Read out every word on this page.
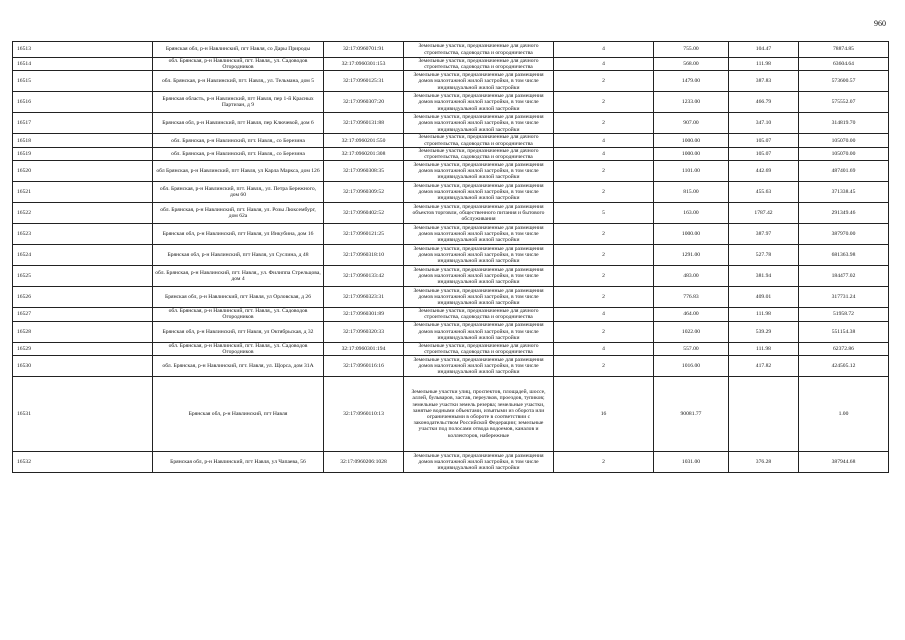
960
16513	Брянская обл, р-н Навлинский, пгт Навля, со Дары Природы	32:17:0960701:91	Земельные участки, предназначенные для дачного строительства, садоводства и огородничества	4	755.00	104.47	78874.85
16514	обл. Брянская, р-н Навлинский, пгт. Навля,, ул. Садоводов Огородников	32:17:0960301:153	Земельные участки, предназначенные для дачного строительства, садоводства и огородничества	4	568.00	111.98	63604.64
16515	обл. Брянская, р-н Навлинский, пгт. Навля,, ул. Тельмана, дом 5	32:17:0960125:31	Земельные участки, предназначенные для размещения домов малоэтажной жилой застройки, в том числе индивидуальной жилой застройки	2	1479.00	387.83	573600.57
16516	Брянская область, р-н Навлинский, пгт Навля, пер 1-й Красных Партизан, д 9	32:17:0960307:20	Земельные участки, предназначенные для размещения домов малоэтажной жилой застройки, в том числе индивидуальной жилой застройки	2	1233.00	466.79	575552.07
16517	Брянская обл, р-н Навлинский, пгт Навля, пер Ключевой, дом 6	32:17:0960131:88	Земельные участки, предназначенные для размещения домов малоэтажной жилой застройки, в том числе индивидуальной жилой застройки	2	907.00	347.10	314819.70
16518	обл. Брянская, р-н Навлинский, пгт. Навля,, со Березина	32:17:0960201:550	Земельные участки, предназначенные для дачного строительства, садоводства и огородничества	4	1000.00	105.07	105070.00
16519	обл. Брянская, р-н Навлинский, пгт. Навля,, со Березина	32:17:0960201:308	Земельные участки, предназначенные для дачного строительства, садоводства и огородничества	4	1000.00	105.07	105070.00
16520	обл Брянская, р-н Навлинский, пгт Навля, ул Карла Маркса, дом 126	32:17:0960308:35	Земельные участки, предназначенные для размещения домов малоэтажной жилой застройки, в том числе индивидуальной жилой застройки	2	1101.00	442.69	487401.69
16521	обл. Брянская, р-н Навлинский, пгт. Навля,, ул. Петра Бережного, дом 60	32:17:0960309:52	Земельные участки, предназначенные для размещения домов малоэтажной жилой застройки, в том числе индивидуальной жилой застройки	2	815.00	455.63	371338.45
16522	обл. Брянская, р-н Навлинский, пгт. Навля, ул. Розы Люксембург, дом 62а	32:17:0960402:52	Земельные участки, предназначенные для размещения объектов торговли, общественного питания и бытового обслуживания	5	163.00	1787.42	291349.46
16523	Брянская обл, р-н Навлинский, пгт Навля, ул Инкубина, дом 16	32:17:0960121:25	Земельные участки, предназначенные для размещения домов малоэтажной жилой застройки, в том числе индивидуальной жилой застройки	2	1000.00	387.97	387970.00
16524	Брянская обл, р-н Навлинский, пгт Навля, ул Суслина, д 48	32:17:0960318:10	Земельные участки, предназначенные для размещения домов малоэтажной жилой застройки, в том числе индивидуальной жилой застройки	2	1291.00	527.78	681363.98
16525	обл. Брянская, р-н Навлинский, пгт. Навля,, ул. Филиппа Стрельцова, дом 4	32:17:0960133:42	Земельные участки, предназначенные для размещения домов малоэтажной жилой застройки, в том числе индивидуальной жилой застройки	2	483.00	381.94	184477.02
16526	Брянская обл, р-н Навлинский, пгт Навля, ул Орловская, д 26	32:17:0960323:31	Земельные участки, предназначенные для размещения домов малоэтажной жилой застройки, в том числе индивидуальной жилой застройки	2	776.83	409.01	317731.24
16527	обл. Брянская, р-н Навлинский, пгт. Навля,, ул. Садоводов Огородников	32:17:0960301:89	Земельные участки, предназначенные для дачного строительства, садоводства и огородничества	4	464.00	111.98	51958.72
16528	Брянская обл, р-н Навлинский, пгт Навля, ул Октябрьская, д 32	32:17:0960320:33	Земельные участки, предназначенные для размещения домов малоэтажной жилой застройки, в том числе индивидуальной жилой застройки	2	1022.00	539.29	551154.38
16529	обл. Брянская, р-н Навлинский, пгт. Навля,, ул. Садоводов Огородников	32:17:0960301:194	Земельные участки, предназначенные для дачного строительства, садоводства и огородничества	4	557.00	111.98	62372.86
16530	обл. Брянская, р-н Навлинский, пгт. Навля, ул. Щорса, дом 31А	32:17:0960116:16	Земельные участки, предназначенные для размещения домов малоэтажной жилой застройки, в том числе индивидуальной жилой застройки	2	1016.00	417.82	424505.12
16531	Брянская обл, р-н Навлинский, пгт Навля	32:17:0960110:13	Земельные участки улиц, проспектов, площадей, шоссе, аллей, бульваров, застав, переулков, проездов, тупиков; земельные участки земель резерва; земельные участки, занятые водными объектами, изъятыми из оборота или ограниченными в обороте в соответствии с законодательством Российской Федерации; земельные участки под полосами отвода водоемов, каналов и коллекторов, набережные	16	90081.77		1.00
16532	Брянская обл, р-н Навлинский, пгт Навля, ул Чапаева, 56	32:17:0960206:1028	Земельные участки, предназначенные для размещения домов малоэтажной жилой застройки, в том числе индивидуальной жилой застройки	2	1031.00	376.28	387944.68
